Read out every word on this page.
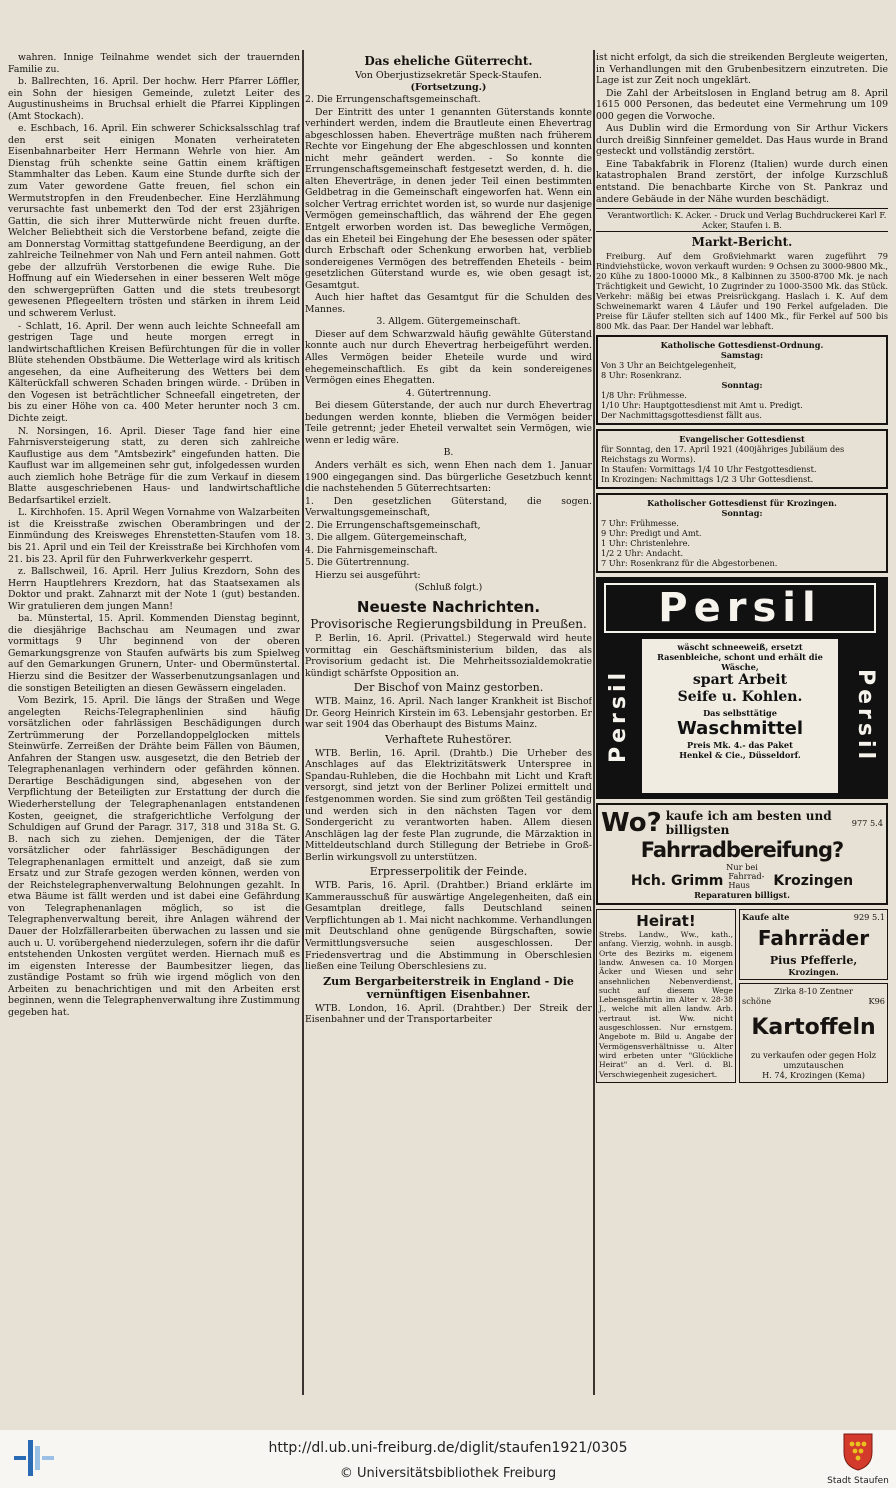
wahren. Innige Teilnahme wendet sich der trauernden Familie zu.

b. Ballrechten, 16. April. Der hochw. Herr Pfarrer Löffler, ein Sohn der hiesigen Gemeinde, zuletzt Leiter des Augustinusheims in Bruchsal erhielt die Pfarrei Kipplingen (Amt Stockach).

e. Eschbach, 16. April. Ein schwerer Schicksalsschlag traf den erst seit einigen Monaten verheirateten Eisenbahnarbeiter Herr Hermann Wehrle von hier. Am Dienstag früh schenkte seine Gattin einem kräftigen Stammhalter das Leben. Kaum eine Stunde durfte sich der zum Vater gewordene Gatte freuen, fiel schon ein Wermutstropfen in den Freudenbecher. Eine Herzlähmung verursachte fast unbemerkt den Tod der erst 23jährigen Gattin, die sich ihrer Mutterwürde nicht freuen durfte. Welcher Beliebtheit sich die Verstorbene befand, zeigte die am Donnerstag Vormittag stattgefundene Beerdigung, an der zahlreiche Teilnehmer von Nah und Fern anteil nahmen. Gott gebe der allzufrüh Verstorbenen die ewige Ruhe. Die Hoffnung auf ein Wiedersehen in einer besseren Welt möge den schwergeprüften Gatten und die stets treubesorgt gewesenen Pflegeeltern trösten und stärken in ihrem Leid und schwerem Verlust.

- Schlatt, 16. April. Der wenn auch leichte Schneefall am gestrigen Tage und heute morgen erregt in landwirtschaftlichen Kreisen Befürchtungen für die in voller Blüte stehenden Obstbäume. Die Wetterlage wird als kritisch angesehen, da eine Aufheiterung des Wetters bei dem Kälterückfall schweren Schaden bringen würde. - Drüben in den Vogesen ist beträchtlicher Schneefall eingetreten, der bis zu einer Höhe von ca. 400 Meter herunter noch 3 cm. Dichte zeigt.

N. Norsingen, 16. April. Dieser Tage fand hier eine Fahrnisversteigerung statt, zu deren sich zahlreiche Kauflustige aus dem "Amtsbezirk" eingefunden hatten. Die Kauflust war im allgemeinen sehr gut, infolgedessen wurden auch ziemlich hohe Beträge für die zum Verkauf in diesem Blatte ausgeschriebenen Haus- und landwirtschaftliche Bedarfsartikel erzielt.

L. Kirchhofen. 15. April Wegen Vornahme von Walzarbeiten ist die Kreisstraße zwischen Oberambringen und der Einmündung des Kreisweges Ehrenstetten-Staufen vom 18. bis 21. April und ein Teil der Kreisstraße bei Kirchhofen vom 21. bis 23. April für den Fuhrwerkverkehr gesperrt.

z. Ballschweil, 16. April. Herr Julius Krezdorn, Sohn des Herrn Hauptlehrers Krezdorn, hat das Staatsexamen als Doktor und prakt. Zahnarzt mit der Note 1 (gut) bestanden. Wir gratulieren dem jungen Mann!

ba. Münstertal, 15. April. Kommenden Dienstag beginnt, die diesjährige Bachschau am Neumagen und zwar vormittags 9 Uhr beginnend von der oberen Gemarkungsgrenze von Staufen aufwärts bis zum Spielweg auf den Gemarkungen Grunern, Unter- und Obermünstertal. Hierzu sind die Besitzer der Wasserbenutzungsanlagen und die sonstigen Beteiligten an diesen Gewässern eingeladen.

Vom Bezirk, 15. April. Die längs der Straßen und Wege angelegten Reichs-Telegraphenlinien sind häufig vorsätzlichen oder fahrlässigen Beschädigungen durch Zertrümmerung der Porzellandoppelglocken mittels Steinwürfe. Zerreißen der Drähte beim Fällen von Bäumen, Anfahren der Stangen usw. ausgesetzt, die den Betrieb der Telegraphenanlagen verhindern oder gefährden können. Derartige Beschädigungen sind, abgesehen von der Verpflichtung der Beteiligten zur Erstattung der durch die Wiederherstellung der Telegraphenanlagen entstandenen Kosten, geeignet, die strafgerichtliche Verfolgung der Schuldigen auf Grund der Paragr. 317, 318 und 318a St. G. B. nach sich zu ziehen. Demjenigen, der die Täter vorsätzlicher oder fahrlässiger Beschädigungen der Telegraphenanlagen ermittelt und anzeigt, daß sie zum Ersatz und zur Strafe gezogen werden können, werden von der Reichstelegraphenverwaltung Belohnungen gezahlt. In etwa Bäume ist fällt werden und ist dabei eine Gefährdung von Telegraphenanlagen möglich, so ist die Telegraphenverwaltung bereit, ihre Anlagen während der Dauer der Holzfällerarbeiten überwachen zu lassen und sie auch u. U. vorübergehend niederzulegen, sofern ihr die dafür entstehenden Unkosten vergütet werden. Hiernach muß es im eigensten Interesse der Baumbesitzer liegen, das zuständige Postamt so früh wie irgend möglich von den Arbeiten zu benachrichtigen und mit den Arbeiten erst beginnen, wenn die Telegraphenverwaltung ihre Zustimmung gegeben hat.

Das eheliche Güterrecht.
Von Oberjustizsekretär Speck-Staufen.
(Fortsetzung.)

2. Die Errungenschaftsgemeinschaft.

Der Eintritt des unter 1 genannten Güterstands konnte verhindert werden, indem die Brautleute einen Ehevertrag abgeschlossen haben. Eheverträge mußten nach früherem Rechte vor Eingehung der Ehe abgeschlossen und konnten nicht mehr geändert werden. - So konnte die Errungenschaftsgemeinschaft festgesetzt werden, d. h. die alten Eheverträge, in denen jeder Teil einen bestimmten Geldbetrag in die Gemeinschaft eingeworfen hat. Wenn ein solcher Vertrag errichtet worden ist, so wurde nur dasjenige Vermögen gemeinschaftlich, das während der Ehe gegen Entgelt erworben worden ist. Das bewegliche Vermögen, das ein Eheteil bei Eingehung der Ehe besessen oder später durch Erbschaft oder Schenkung erworben hat, verblieb sondereigenes Vermögen des betreffenden Eheteils - beim gesetzlichen Güterstand wurde es, wie oben gesagt ist, Gesamtgut.

Auch hier haftet das Gesamtgut für die Schulden des Mannes.

3. Allgem. Gütergemeinschaft.

Dieser auf dem Schwarzwald häufig gewählte Güterstand konnte auch nur durch Ehevertrag herbeigeführt werden. Alles Vermögen beider Eheteile wurde und wird ehegemeinschaftlich. Es gibt da kein sondereigenes Vermögen eines Ehegatten.

4. Gütertrennung.

Bei diesem Güterstande, der auch nur durch Ehevertrag bedungen werden konnte, blieben die Vermögen beider Teile getrennt; jeder Eheteil verwaltet sein Vermögen, wie wenn er ledig wäre.

B.

Anders verhält es sich, wenn Ehen nach dem 1. Januar 1900 eingegangen sind. Das bürgerliche Gesetzbuch kennt die nachstehenden 5 Güterrechtsarten:

1. Den gesetzlichen Güterstand, die sogen. Verwaltungsgemeinschaft,

2. Die Errungenschaftsgemeinschaft,

3. Die allgem. Gütergemeinschaft,

4. Die Fahrnisgemeinschaft.

5. Die Gütertrennung.

Hierzu sei ausgeführt:

(Schluß folgt.)

Neueste Nachrichten.
Provisorische Regierungsbildung in Preußen.

P. Berlin, 16. April. (Privattel.) Stegerwald wird heute vormittag ein Geschäftsministerium bilden, das als Provisorium gedacht ist. Die Mehrheitssozialdemokratie kündigt schärfste Opposition an.

Der Bischof von Mainz gestorben.

WTB. Mainz, 16. April. Nach langer Krankheit ist Bischof Dr. Georg Heinrich Kirstein im 63. Lebensjahr gestorben. Er war seit 1904 das Oberhaupt des Bistums Mainz.

Verhaftete Ruhestörer.

WTB. Berlin, 16. April. (Drahtb.) Die Urheber des Anschlages auf das Elektrizitätswerk Unterspree in Spandau-Ruhleben, die die Hochbahn mit Licht und Kraft versorgt, sind jetzt von der Berliner Polizei ermittelt und festgenommen worden. Sie sind zum größten Teil geständig und werden sich in den nächsten Tagen vor dem Sondergericht zu verantworten haben. Allem diesen Anschlägen lag der feste Plan zugrunde, die Märzaktion in Mitteldeutschland durch Stillegung der Betriebe in Groß-Berlin wirkungsvoll zu unterstützen.

Erpresserpolitik der Feinde.

WTB. Paris, 16. April. (Drahtber.) Briand erklärte im Kammerausschuß für auswärtige Angelegenheiten, daß ein Gesamtplan dreitlege, falls Deutschland seinen Verpflichtungen ab 1. Mai nicht nachkomme. Verhandlungen mit Deutschland ohne genügende Bürgschaften, sowie Vermittlungsversuche seien ausgeschlossen. Der Friedensvertrag und die Abstimmung in Oberschlesien ließen eine Teilung Oberschlesiens zu.

Zum Bergarbeiterstreik in England - Die vernünftigen Eisenbahner.

WTB. London, 16. April. (Drahtber.) Der Streik der Eisenbahner und der Transportarbeiter

ist nicht erfolgt, da sich die streikenden Bergleute weigerten, in Verhandlungen mit den Grubenbesitzern einzutreten. Die Lage ist zur Zeit noch ungeklärt.

Die Zahl der Arbeitslosen in England betrug am 8. April 1615 000 Personen, das bedeutet eine Vermehrung um 109 000 gegen die Vorwoche.

Aus Dublin wird die Ermordung von Sir Arthur Vickers durch dreißig Sinnfeiner gemeldet. Das Haus wurde in Brand gesteckt und vollständig zerstört.

Eine Tabakfabrik in Florenz (Italien) wurde durch einen katastrophalen Brand zerstört, der infolge Kurzschluß entstand. Die benachbarte Kirche von St. Pankraz und andere Gebäude in der Nähe wurden beschädigt.

Verantwortlich: K. Acker. - Druck und Verlag Buchdruckerei Karl F. Acker, Staufen i. B.

Markt-Bericht.

Freiburg. Auf dem Großviehmarkt waren zugeführt 79 Rindviehstücke, wovon verkauft wurden: 9 Ochsen zu 3000-9800 Mk., 20 Kühe zu 1800-10000 Mk., 8 Kalbinnen zu 3500-8700 Mk. je nach Trächtigkeit und Gewicht, 10 Zugrinder zu 1000-3500 Mk. das Stück. Verkehr: mäßig bei etwas Preisrückgang. Haslach i. K. Auf dem Schweinemarkt waren 4 Läufer und 190 Ferkel aufgeladen. Die Preise für Läufer stellten sich auf 1400 Mk., für Ferkel auf 500 bis 800 Mk. das Paar. Der Handel war lebhaft.

Katholische Gottesdienst-Ordnung.
Samstag:
Von 3 Uhr an Beichtgelegenheit,
8 Uhr: Rosenkranz.
Sonntag:
1/8 Uhr: Frühmesse.
1/10 Uhr: Hauptgottesdienst mit Amt u. Predigt.
Der Nachmittagsgottesdienst fällt aus.
Evangelischer Gottesdienst
für Sonntag, den 17. April 1921 (400jähriges Jubiläum des Reichstags zu Worms).
In Staufen: Vormittags 1/4 10 Uhr Festgottesdienst.
In Krozingen: Nachmittags 1/2 3 Uhr Gottesdienst.
Katholischer Gottesdienst für Krozingen.
Sonntag:
7 Uhr: Frühmesse.
9 Uhr: Predigt und Amt.
1 Uhr: Christenlehre.
1/2 2 Uhr: Andacht.
7 Uhr: Rosenkranz für die Abgestorbenen.
Persil
Persil	Persil
wäscht schneeweiß, ersetzt Rasenbleiche, schont und erhält die Wäsche,
spart Arbeit
Seife u. Kohlen.
Das selbsttätige
Waschmittel
Preis Mk. 4.- das Paket
Henkel & Cie., Düsseldorf.
Wo? kaufe ich am besten und billigsten	977 5.4
Fahrradbereifung?
Nur bei
Hch. Grimm Fahrrad-Haus	Krozingen
Reparaturen billigst.
Heirat!
Strebs. Landw., Ww., kath., anfang. Vierzig, wohnh. in ausgb. Orte des Bezirks m. eigenem landw. Anwesen ca. 10 Morgen Äcker und Wiesen und sehr ansehnlichen Nebenverdienst, sucht auf diesem Wege Lebensgefährtin im Alter v. 28-38 J., welche mit allen landw. Arb. vertraut ist. Ww. nicht ausgeschlossen. Nur ernstgem. Angebote m. Bild u. Angabe der Vermögensverhältnisse u. Alter wird erbeten unter "Glückliche Heirat" an d. Verl. d. Bl. Verschwiegenheit zugesichert.
Kaufe alte	929 5.1
Fahrräder
Pius Pfefferle,
Krozingen.
Zirka 8-10 Zentner
schöne	K96
Kartoffeln
zu verkaufen oder gegen Holz umzutauschen
H. 74, Krozingen (Kema)
http://dl.ub.uni-freiburg.de/diglit/staufen1921/0305
© Universitätsbibliothek Freiburg	Stadt Staufen
